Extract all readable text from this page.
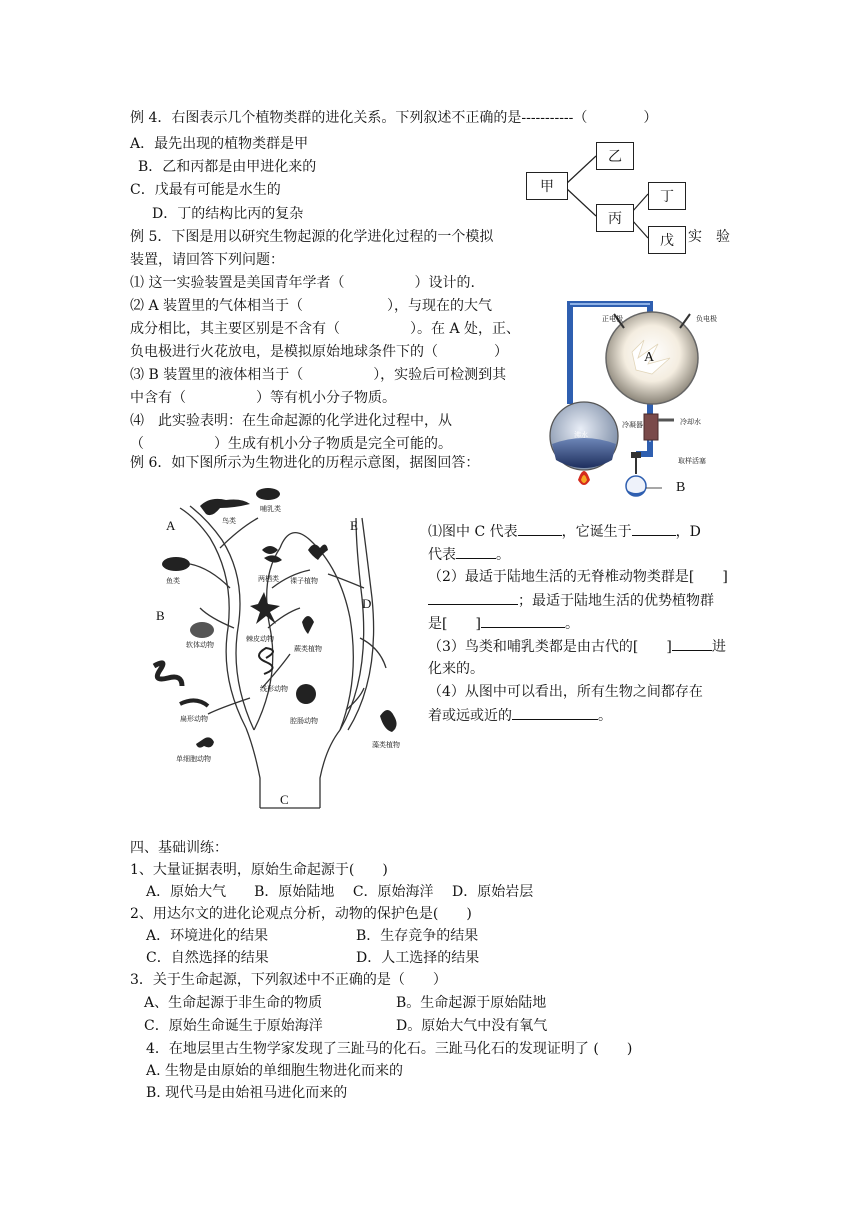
例 4．右图表示几个植物类群的进化关系。下列叙述不正确的是-----------（　　　　）
A．最先出现的植物类群是甲
B．乙和丙都是由甲进化来的
C．戊最有可能是水生的
D．丁的结构比丙的复杂
甲
乙
丙
丁
戊
例 5．下图是用以研究生物起源的化学进化过程的一个模拟	实　验
装置，请回答下列问题：
⑴ 这一实验装置是美国青年学者（　　　　　）设计的.
⑵ A 装置里的气体相当于（　　　　　　），与现在的大气
成分相比，其主要区别是不含有（　　　　　）。在 A 处，正、
负电极进行火花放电，是模拟原始地球条件下的（　　　　）
⑶ B 装置里的液体相当于（　　　　　），实验后可检测到其
中含有（　　　　　）等有机小分子物质。
⑷　此实验表明：在生命起源的化学进化过程中，从
（　　　　　）生成有机小分子物质是完全可能的。
正电极	负电极
A
冷凝器	冷却水
沸水
取样活塞
B
例 6．如下图所示为生物进化的历程示意图，据图回答：
A
B
C
D
E
鸟类
哺乳类
鱼类	两栖类 裸子植物
软体动物
棘皮动物
蕨类植物
线形动物
扁形动物	腔肠动物
单细胞动物
藻类植物
⑴图中 C 代表	，它诞生于	，D
代表	。
（2）最适于陆地生活的无脊椎动物类群是[　　]
；最适于陆地生活的优势植物群
是[　　]	。
（3）鸟类和哺乳类都是由古代的[　　]	进
化来的。
（4）从图中可以看出，所有生物之间都存在
着或远或近的	。
四、基础训练：
1、大量证据表明，原始生命起源于(　　)
A．原始大气　　B．原始陆地　 C．原始海洋　 D．原始岩层
2、用达尔文的进化论观点分析，动物的保护色是(　　)
A．环境进化的结果	B．生存竞争的结果
C．自然选择的结果	D．人工选择的结果
3．关于生命起源，下列叙述中不正确的是（　　）
A、生命起源于非生命的物质	B。生命起源于原始陆地
C．原始生命诞生于原始海洋	D。原始大气中没有氧气
4．在地层里古生物学家发现了三趾马的化石。三趾马化石的发现证明了 (　　)
A. 生物是由原始的单细胞生物进化而来的
B. 现代马是由始祖马进化而来的
